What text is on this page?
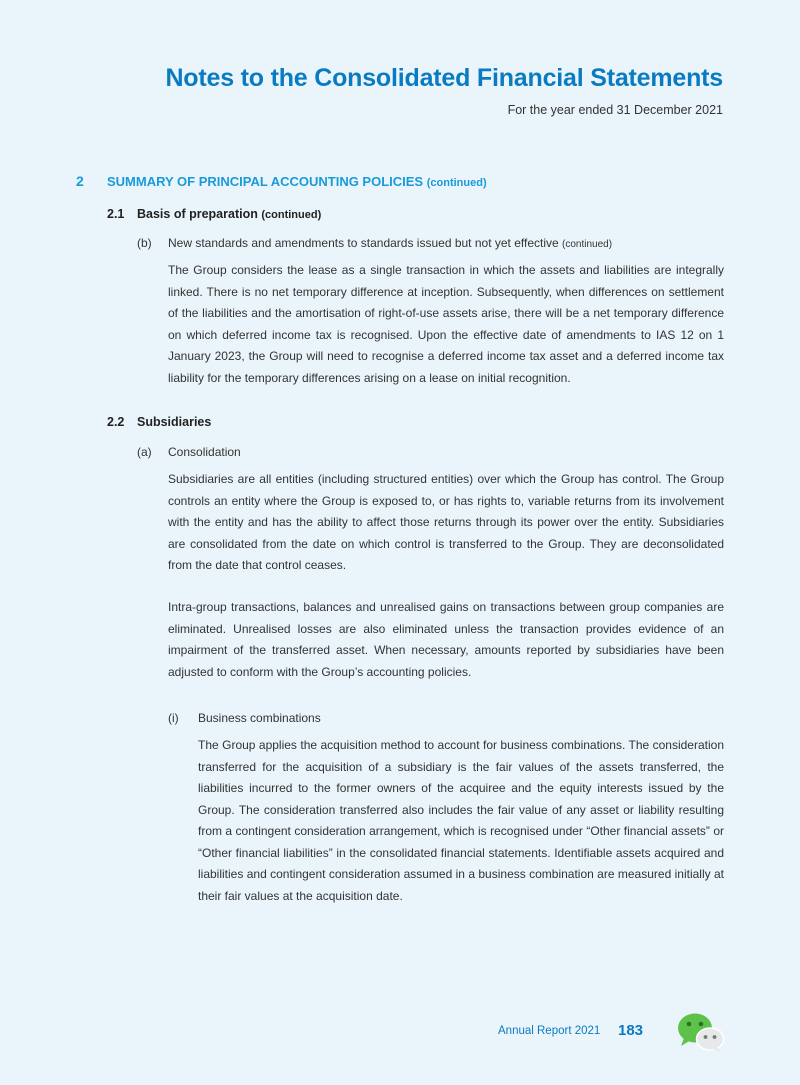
Notes to the Consolidated Financial Statements
For the year ended 31 December 2021
2 SUMMARY OF PRINCIPAL ACCOUNTING POLICIES (continued)
2.1 Basis of preparation (continued)
(b) New standards and amendments to standards issued but not yet effective (continued)

The Group considers the lease as a single transaction in which the assets and liabilities are integrally linked. There is no net temporary difference at inception. Subsequently, when differences on settlement of the liabilities and the amortisation of right-of-use assets arise, there will be a net temporary difference on which deferred income tax is recognised. Upon the effective date of amendments to IAS 12 on 1 January 2023, the Group will need to recognise a deferred income tax asset and a deferred income tax liability for the temporary differences arising on a lease on initial recognition.

2.2 Subsidiaries
(a) Consolidation

Subsidiaries are all entities (including structured entities) over which the Group has control. The Group controls an entity where the Group is exposed to, or has rights to, variable returns from its involvement with the entity and has the ability to affect those returns through its power over the entity. Subsidiaries are consolidated from the date on which control is transferred to the Group. They are deconsolidated from the date that control ceases.

Intra-group transactions, balances and unrealised gains on transactions between group companies are eliminated. Unrealised losses are also eliminated unless the transaction provides evidence of an impairment of the transferred asset. When necessary, amounts reported by subsidiaries have been adjusted to conform with the Group’s accounting policies.

(i) Business combinations

The Group applies the acquisition method to account for business combinations. The consideration transferred for the acquisition of a subsidiary is the fair values of the assets transferred, the liabilities incurred to the former owners of the acquiree and the equity interests issued by the Group. The consideration transferred also includes the fair value of any asset or liability resulting from a contingent consideration arrangement, which is recognised under “Other financial assets” or “Other financial liabilities” in the consolidated financial statements. Identifiable assets acquired and liabilities and contingent consideration assumed in a business combination are measured initially at their fair values at the acquisition date.

Annual Report 2021 183
